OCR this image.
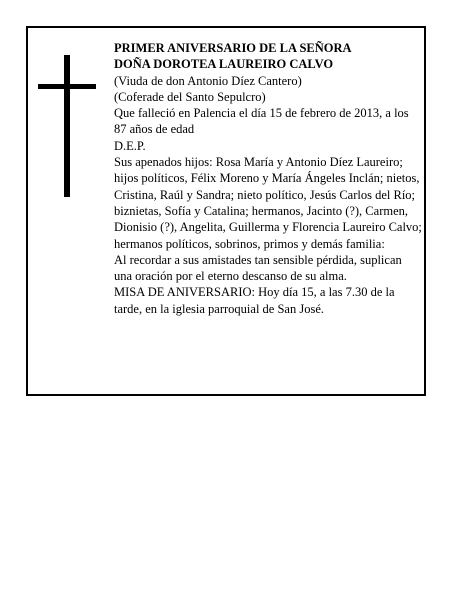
PRIMER ANIVERSARIO DE LA SEÑORA
DOÑA DOROTEA LAUREIRO CALVO
(Viuda de don Antonio Díez Cantero)
(Coferade del Santo Sepulcro)
Que falleció en Palencia el día 15 de febrero de 2013, a los 87 años de edad
D.E.P.
Sus apenados hijos: Rosa María y Antonio Díez Laureiro; hijos políticos, Félix Moreno y María Ángeles Inclán; nietos, Cristina, Raúl y Sandra; nieto político, Jesús Carlos del Río; biznietas, Sofía y Catalina; hermanos, Jacinto (?), Carmen, Dionisio (?), Angelita, Guillerma y Florencia Laureiro Calvo; hermanos políticos, sobrinos, primos y demás familia:
Al recordar a sus amistades tan sensible pérdida, suplican una oración por el eterno descanso de su alma.
MISA DE ANIVERSARIO: Hoy día 15, a las 7.30 de la tarde, en la iglesia parroquial de San José.
